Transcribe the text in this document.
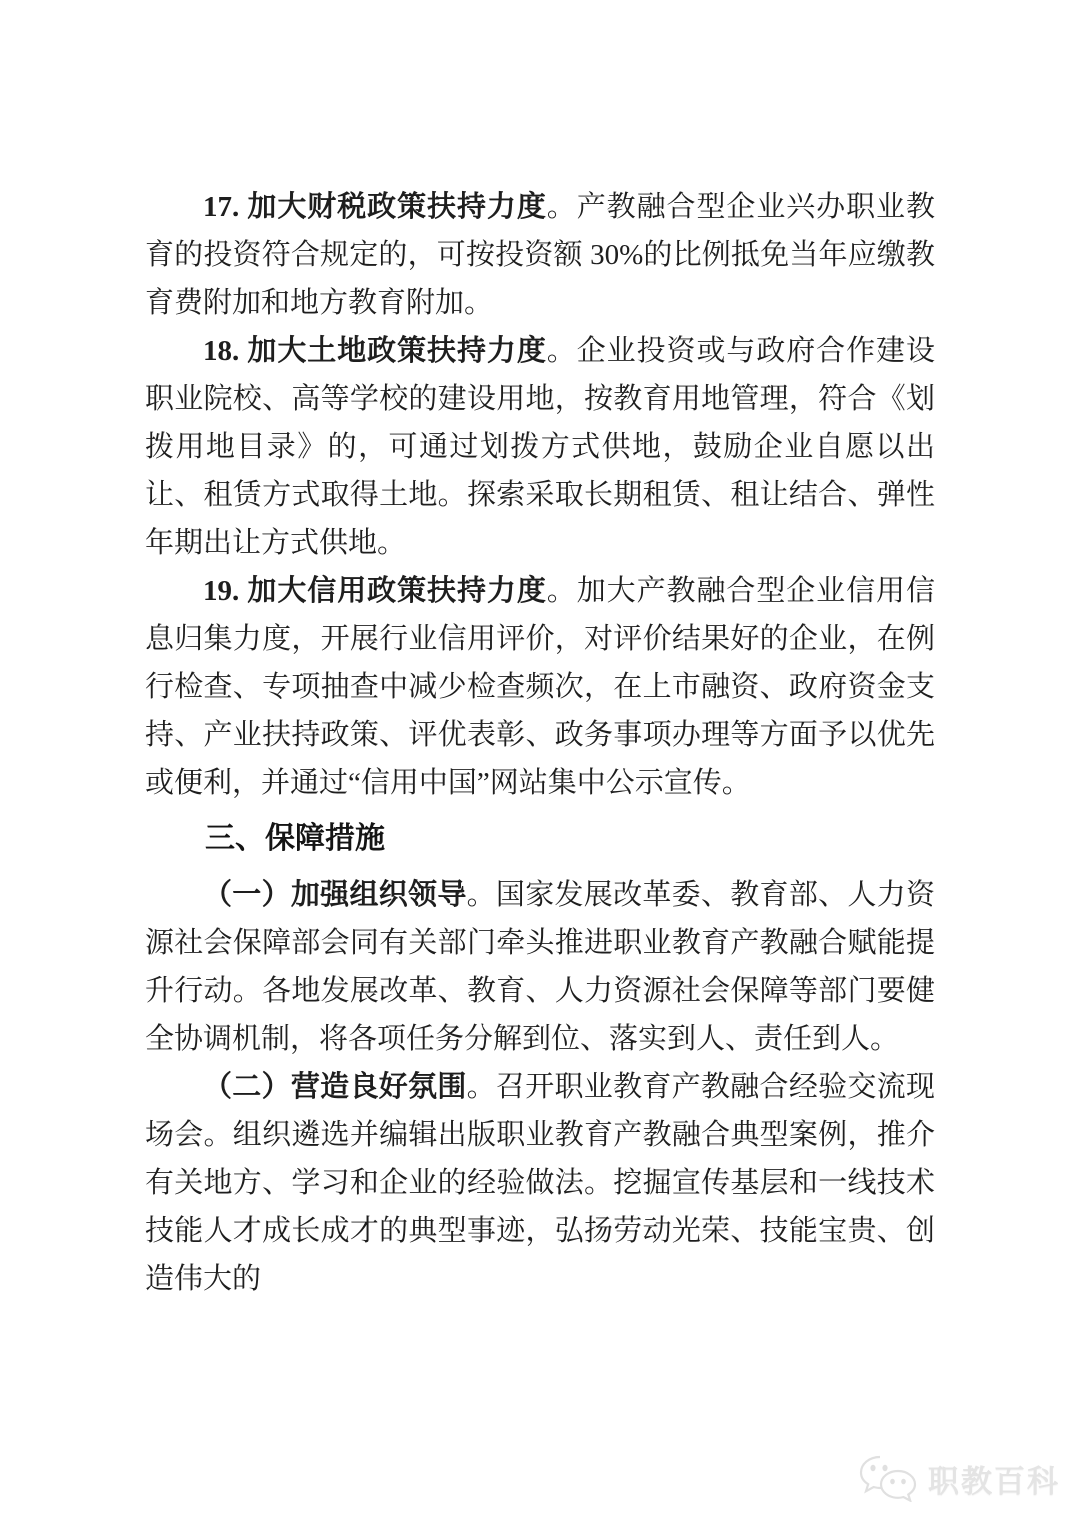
17. 加大财税政策扶持力度。产教融合型企业兴办职业教育的投资符合规定的，可按投资额 30%的比例抵免当年应缴教育费附加和地方教育附加。

18. 加大土地政策扶持力度。企业投资或与政府合作建设职业院校、高等学校的建设用地，按教育用地管理，符合《划拨用地目录》的，可通过划拨方式供地，鼓励企业自愿以出让、租赁方式取得土地。探索采取长期租赁、租让结合、弹性年期出让方式供地。

19. 加大信用政策扶持力度。加大产教融合型企业信用信息归集力度，开展行业信用评价，对评价结果好的企业，在例行检查、专项抽查中减少检查频次，在上市融资、政府资金支持、产业扶持政策、评优表彰、政务事项办理等方面予以优先或便利，并通过“信用中国”网站集中公示宣传。

三、保障措施

（一）加强组织领导。国家发展改革委、教育部、人力资源社会保障部会同有关部门牵头推进职业教育产教融合赋能提升行动。各地发展改革、教育、人力资源社会保障等部门要健全协调机制，将各项任务分解到位、落实到人、责任到人。

（二）营造良好氛围。召开职业教育产教融合经验交流现场会。组织遴选并编辑出版职业教育产教融合典型案例，推介有关地方、学习和企业的经验做法。挖掘宣传基层和一线技术技能人才成长成才的典型事迹，弘扬劳动光荣、技能宝贵、创造伟大的

职教百科
